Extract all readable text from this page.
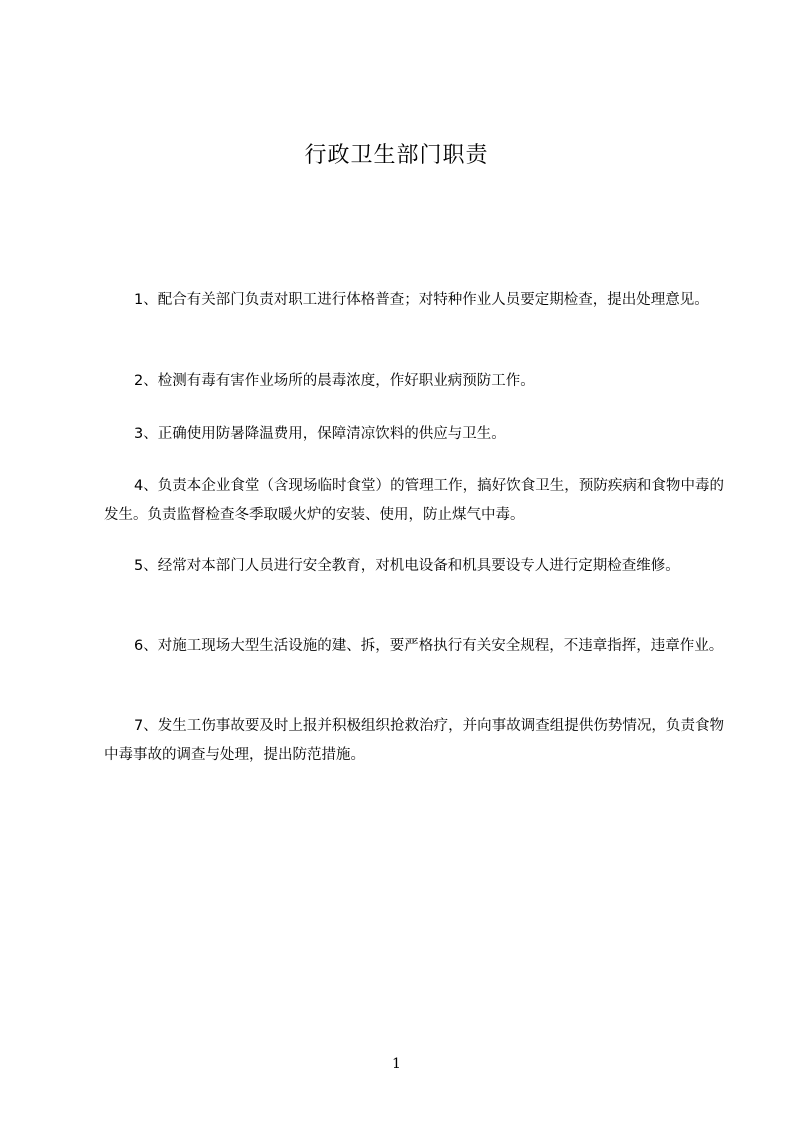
行政卫生部门职责
1、配合有关部门负责对职工进行体格普查；对特种作业人员要定期检查，提出处理意见。
2、检测有毒有害作业场所的晨毒浓度，作好职业病预防工作。
3、正确使用防暑降温费用，保障清凉饮料的供应与卫生。
4、负责本企业食堂（含现场临时食堂）的管理工作，搞好饮食卫生，预防疾病和食物中毒的发生。负责监督检查冬季取暖火炉的安装、使用，防止煤气中毒。
5、经常对本部门人员进行安全教育，对机电设备和机具要设专人进行定期检查维修。
6、对施工现场大型生活设施的建、拆，要严格执行有关安全规程，不违章指挥，违章作业。
7、发生工伤事故要及时上报并积极组织抢救治疗，并向事故调查组提供伤势情况，负责食物中毒事故的调查与处理，提出防范措施。
1
